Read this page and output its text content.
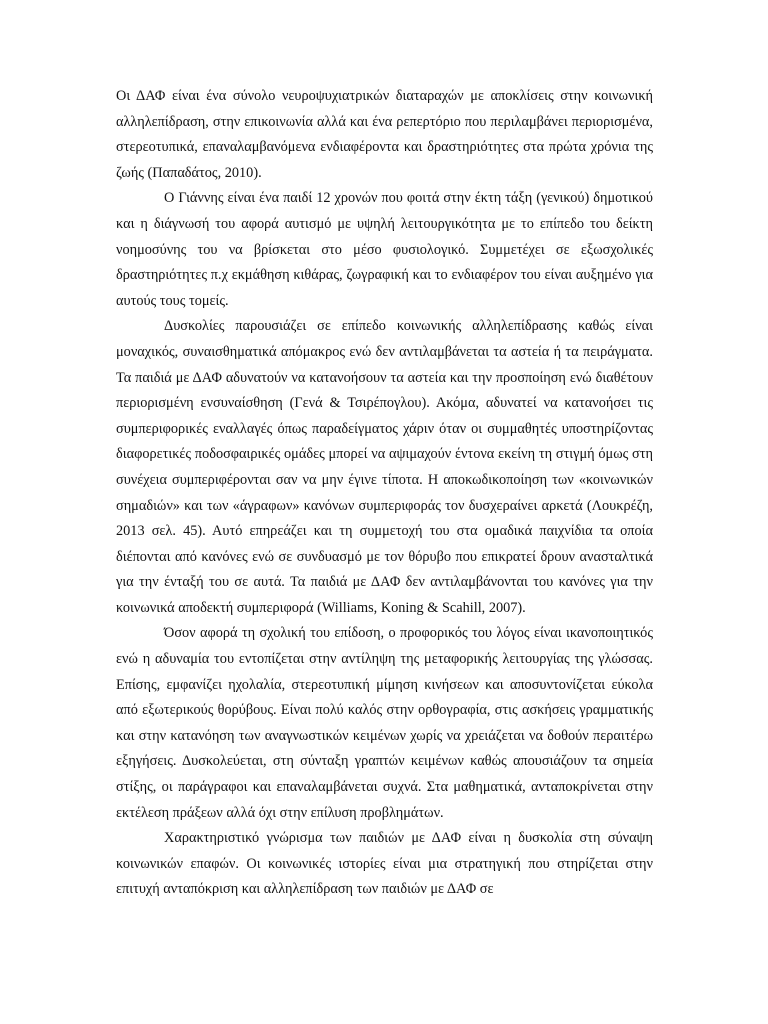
Οι ΔΑΦ είναι ένα σύνολο νευροψυχιατρικών διαταραχών με αποκλίσεις στην κοινωνική αλληλεπίδραση, στην επικοινωνία αλλά και ένα ρεπερτόριο που περιλαμβάνει περιορισμένα, στερεοτυπικά, επαναλαμβανόμενα ενδιαφέροντα και δραστηριότητες στα πρώτα χρόνια της ζωής (Παπαδάτος, 2010).

Ο Γιάννης είναι ένα παιδί 12 χρονών που φοιτά στην έκτη τάξη (γενικού) δημοτικού και η διάγνωσή του αφορά αυτισμό με υψηλή λειτουργικότητα με το επίπεδο του δείκτη νοημοσύνης του να βρίσκεται στο μέσο φυσιολογικό. Συμμετέχει σε εξωσχολικές δραστηριότητες π.χ εκμάθηση κιθάρας, ζωγραφική και το ενδιαφέρον του είναι αυξημένο για αυτούς τους τομείς.

Δυσκολίες παρουσιάζει σε επίπεδο κοινωνικής αλληλεπίδρασης καθώς είναι μοναχικός, συναισθηματικά απόμακρος ενώ δεν αντιλαμβάνεται τα αστεία ή τα πειράγματα. Τα παιδιά με ΔΑΦ αδυνατούν να κατανοήσουν τα αστεία και την προσποίηση ενώ διαθέτουν περιορισμένη ενσυναίσθηση (Γενά & Τσιρέπογλου). Ακόμα, αδυνατεί να κατανοήσει τις συμπεριφορικές εναλλαγές όπως παραδείγματος χάριν όταν οι συμμαθητές υποστηρίζοντας διαφορετικές ποδοσφαιρικές ομάδες μπορεί να αψιμαχούν έντονα εκείνη τη στιγμή όμως στη συνέχεια συμπεριφέρονται σαν να μην έγινε τίποτα. Η αποκωδικοποίηση των «κοινωνικών σημαδιών» και των «άγραφων» κανόνων συμπεριφοράς τον δυσχεραίνει αρκετά (Λουκρέζη, 2013 σελ. 45). Αυτό επηρεάζει και τη συμμετοχή του στα ομαδικά παιχνίδια τα οποία διέπονται από κανόνες ενώ σε συνδυασμό με τον θόρυβο που επικρατεί δρουν ανασταλτικά για την ένταξή του σε αυτά. Τα παιδιά με ΔΑΦ δεν αντιλαμβάνονται του κανόνες για την κοινωνικά αποδεκτή συμπεριφορά (Williams, Koning & Scahill, 2007).

Όσον αφορά τη σχολική του επίδοση, ο προφορικός του λόγος είναι ικανοποιητικός ενώ η αδυναμία του εντοπίζεται στην αντίληψη της μεταφορικής λειτουργίας της γλώσσας. Επίσης, εμφανίζει ηχολαλία, στερεοτυπική μίμηση κινήσεων και αποσυντονίζεται εύκολα από εξωτερικούς θορύβους. Είναι πολύ καλός στην ορθογραφία, στις ασκήσεις γραμματικής και στην κατανόηση των αναγνωστικών κειμένων χωρίς να χρειάζεται να δοθούν περαιτέρω εξηγήσεις. Δυσκολεύεται, στη σύνταξη γραπτών κειμένων καθώς απουσιάζουν τα σημεία στίξης, οι παράγραφοι και επαναλαμβάνεται συχνά. Στα μαθηματικά, ανταποκρίνεται στην εκτέλεση πράξεων αλλά όχι στην επίλυση προβλημάτων.

Χαρακτηριστικό γνώρισμα των παιδιών με ΔΑΦ είναι η δυσκολία στη σύναψη κοινωνικών επαφών. Οι κοινωνικές ιστορίες είναι μια στρατηγική που στηρίζεται στην επιτυχή ανταπόκριση και αλληλεπίδραση των παιδιών με ΔΑΦ σε
